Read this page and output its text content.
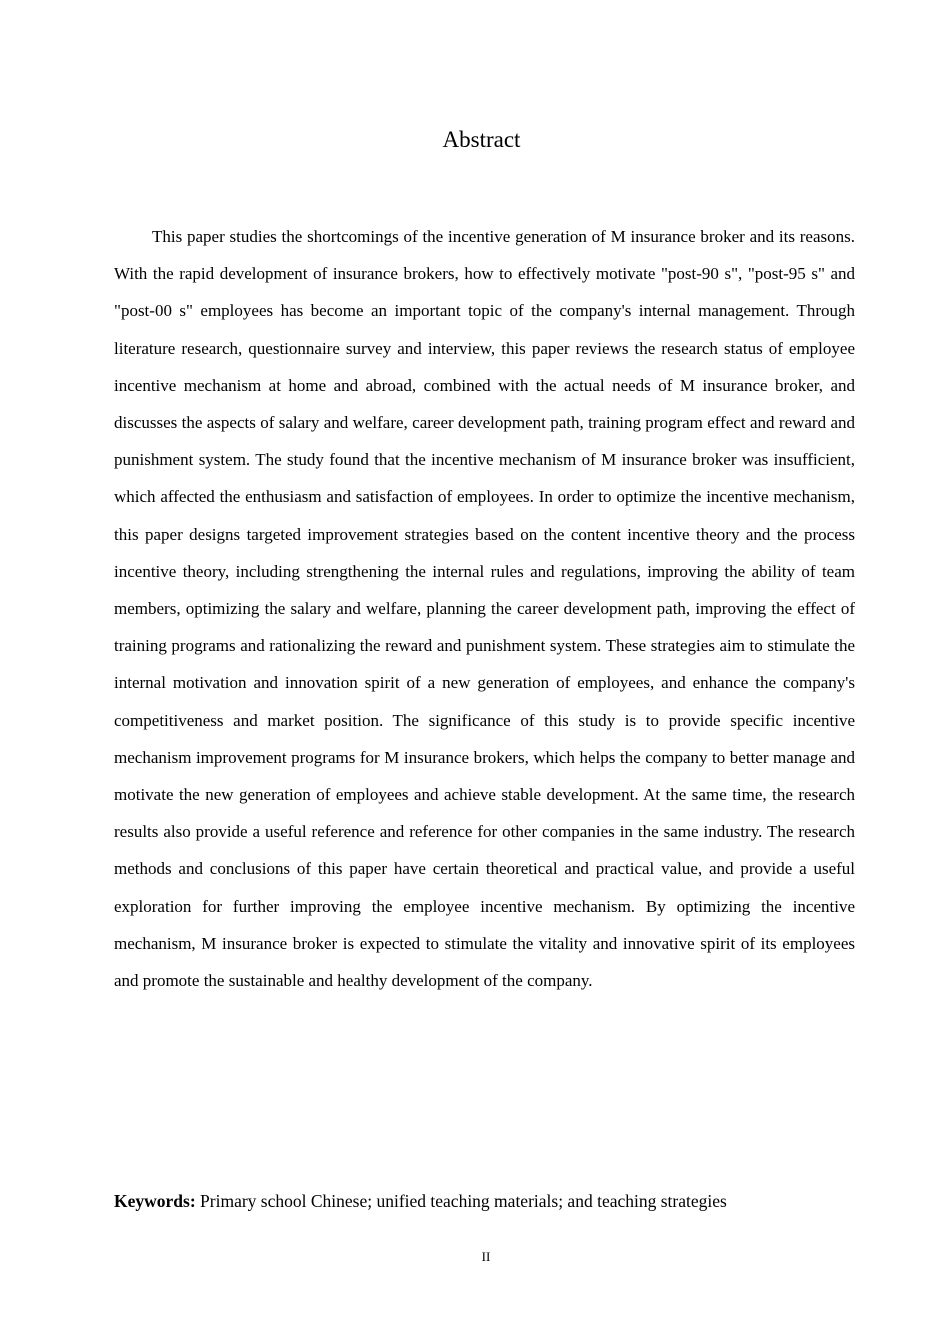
Abstract

This paper studies the shortcomings of the incentive generation of M insurance broker and its reasons. With the rapid development of insurance brokers, how to effectively motivate "post-90 s", "post-95 s" and "post-00 s" employees has become an important topic of the company's internal management. Through literature research, questionnaire survey and interview, this paper reviews the research status of employee incentive mechanism at home and abroad, combined with the actual needs of M insurance broker, and discusses the aspects of salary and welfare, career development path, training program effect and reward and punishment system. The study found that the incentive mechanism of M insurance broker was insufficient, which affected the enthusiasm and satisfaction of employees. In order to optimize the incentive mechanism, this paper designs targeted improvement strategies based on the content incentive theory and the process incentive theory, including strengthening the internal rules and regulations, improving the ability of team members, optimizing the salary and welfare, planning the career development path, improving the effect of training programs and rationalizing the reward and punishment system. These strategies aim to stimulate the internal motivation and innovation spirit of a new generation of employees, and enhance the company's competitiveness and market position. The significance of this study is to provide specific incentive mechanism improvement programs for M insurance brokers, which helps the company to better manage and motivate the new generation of employees and achieve stable development. At the same time, the research results also provide a useful reference and reference for other companies in the same industry. The research methods and conclusions of this paper have certain theoretical and practical value, and provide a useful exploration for further improving the employee incentive mechanism. By optimizing the incentive mechanism, M insurance broker is expected to stimulate the vitality and innovative spirit of its employees and promote the sustainable and healthy development of the company.

Keywords: Primary school Chinese; unified teaching materials; and teaching strategies

II
